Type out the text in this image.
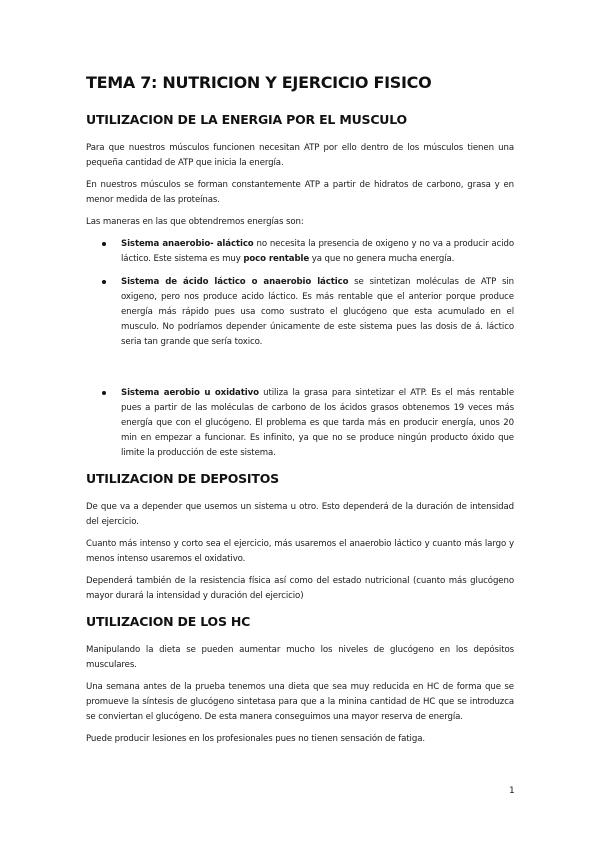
TEMA 7: NUTRICION Y EJERCICIO FISICO
UTILIZACION DE LA ENERGIA POR EL MUSCULO

Para que nuestros músculos funcionen necesitan ATP por ello dentro de los músculos tienen una pequeña cantidad de ATP que inicia la energía.

En nuestros músculos se forman constantemente ATP a partir de hidratos de carbono, grasa y en menor medida de las proteínas.

Las maneras en las que obtendremos energías son:

Sistema anaerobio- aláctico no necesita la presencia de oxigeno y no va a producir acido láctico. Este sistema es muy poco rentable ya que no genera mucha energía.
Sistema de ácido láctico o anaerobio láctico se sintetizan moléculas de ATP sin oxigeno, pero nos produce acido láctico. Es más rentable que el anterior porque produce energía más rápido pues usa como sustrato el glucógeno que esta acumulado en el musculo. No podríamos depender únicamente de este sistema pues las dosis de á. láctico seria tan grande que sería toxico.
Sistema aerobio u oxidativo utiliza la grasa para sintetizar el ATP. Es el más rentable pues a partir de las moléculas de carbono de los ácidos grasos obtenemos 19 veces más energía que con el glucógeno. El problema es que tarda más en producir energía, unos 20 min en empezar a funcionar. Es infinito, ya que no se produce ningún producto óxido que limite la producción de este sistema.
UTILIZACION DE DEPOSITOS

De que va a depender que usemos un sistema u otro. Esto dependerá de la duración de intensidad del ejercicio.

Cuanto más intenso y corto sea el ejercicio, más usaremos el anaerobio láctico y cuanto más largo y menos intenso usaremos el oxidativo.

Dependerá también de la resistencia física así como del estado nutricional (cuanto más glucógeno mayor durará la intensidad y duración del ejercicio)

UTILIZACION DE LOS HC

Manipulando la dieta se pueden aumentar mucho los niveles de glucógeno en los depósitos musculares.

Una semana antes de la prueba tenemos una dieta que sea muy reducida en HC de forma que se promueve la síntesis de glucógeno sintetasa para que a la minina cantidad de HC que se introduzca se conviertan el glucógeno. De esta manera conseguimos una mayor reserva de energía.

Puede producir lesiones en los profesionales pues no tienen sensación de fatiga.

1
